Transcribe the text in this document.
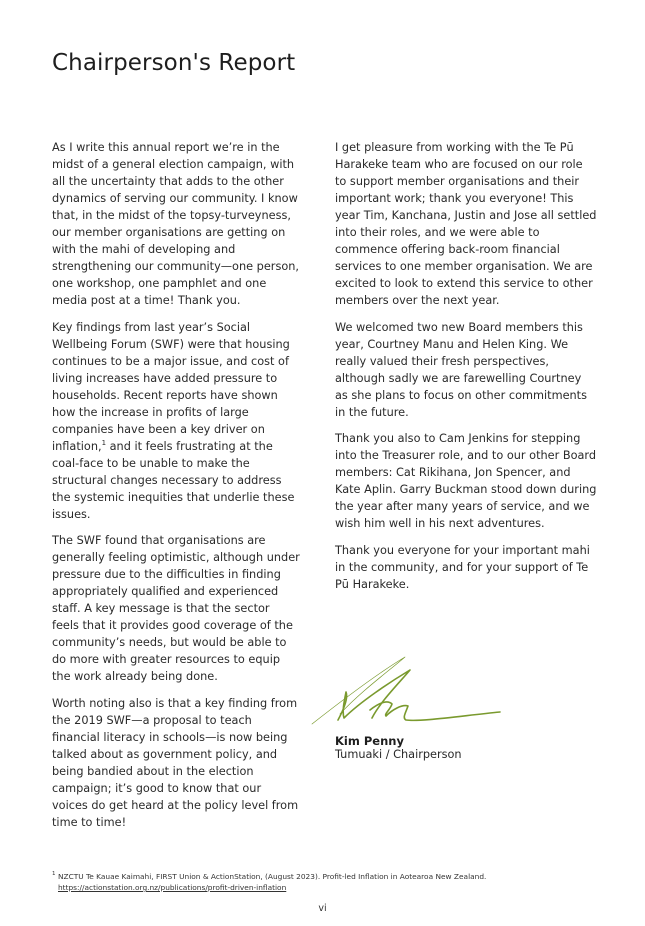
Chairperson's Report

As I write this annual report we’re in the midst of a general election campaign, with all the uncertainty that adds to the other dynamics of serving our community. I know that, in the midst of the topsy-turveyness, our member organisations are getting on with the mahi of developing and strengthening our community—one person, one workshop, one pamphlet and one media post at a time! Thank you.

Key findings from last year’s Social Wellbeing Forum (SWF) were that housing continues to be a major issue, and cost of living increases have added pressure to households. Recent reports have shown how the increase in profits of large companies have been a key driver on inflation,$^1$ and it feels frustrating at the coal-face to be unable to make the structural changes necessary to address the systemic inequities that underlie these issues.

The SWF found that organisations are generally feeling optimistic, although under pressure due to the difficulties in finding appropriately qualified and experienced staff. A key message is that the sector feels that it provides good coverage of the community’s needs, but would be able to do more with greater resources to equip the work already being done.

Worth noting also is that a key finding from the 2019 SWF—a proposal to teach financial literacy in schools—is now being talked about as government policy, and being bandied about in the election campaign; it’s good to know that our voices do get heard at the policy level from time to time!

I get pleasure from working with the Te Pū Harakeke team who are focused on our role to support member organisations and their important work; thank you everyone! This year Tim, Kanchana, Justin and Jose all settled into their roles, and we were able to commence offering back-room financial services to one member organisation. We are excited to look to extend this service to other members over the next year.

We welcomed two new Board members this year, Courtney Manu and Helen King. We really valued their fresh perspectives, although sadly we are farewelling Courtney as she plans to focus on other commitments in the future.

Thank you also to Cam Jenkins for stepping into the Treasurer role, and to our other Board members: Cat Rikihana, Jon Spencer, and Kate Aplin. Garry Buckman stood down during the year after many years of service, and we wish him well in his next adventures.

Thank you everyone for your important mahi in the community, and for your support of Te Pū Harakeke.

Kim Penny
Tumuaki / Chairperson
1 NZCTU Te Kauae Kaimahi, FIRST Union & ActionStation, (August 2023). Profit-led Inflation in Aotearoa New Zealand.
https://actionstation.org.nz/publications/profit-driven-inflation
vi
